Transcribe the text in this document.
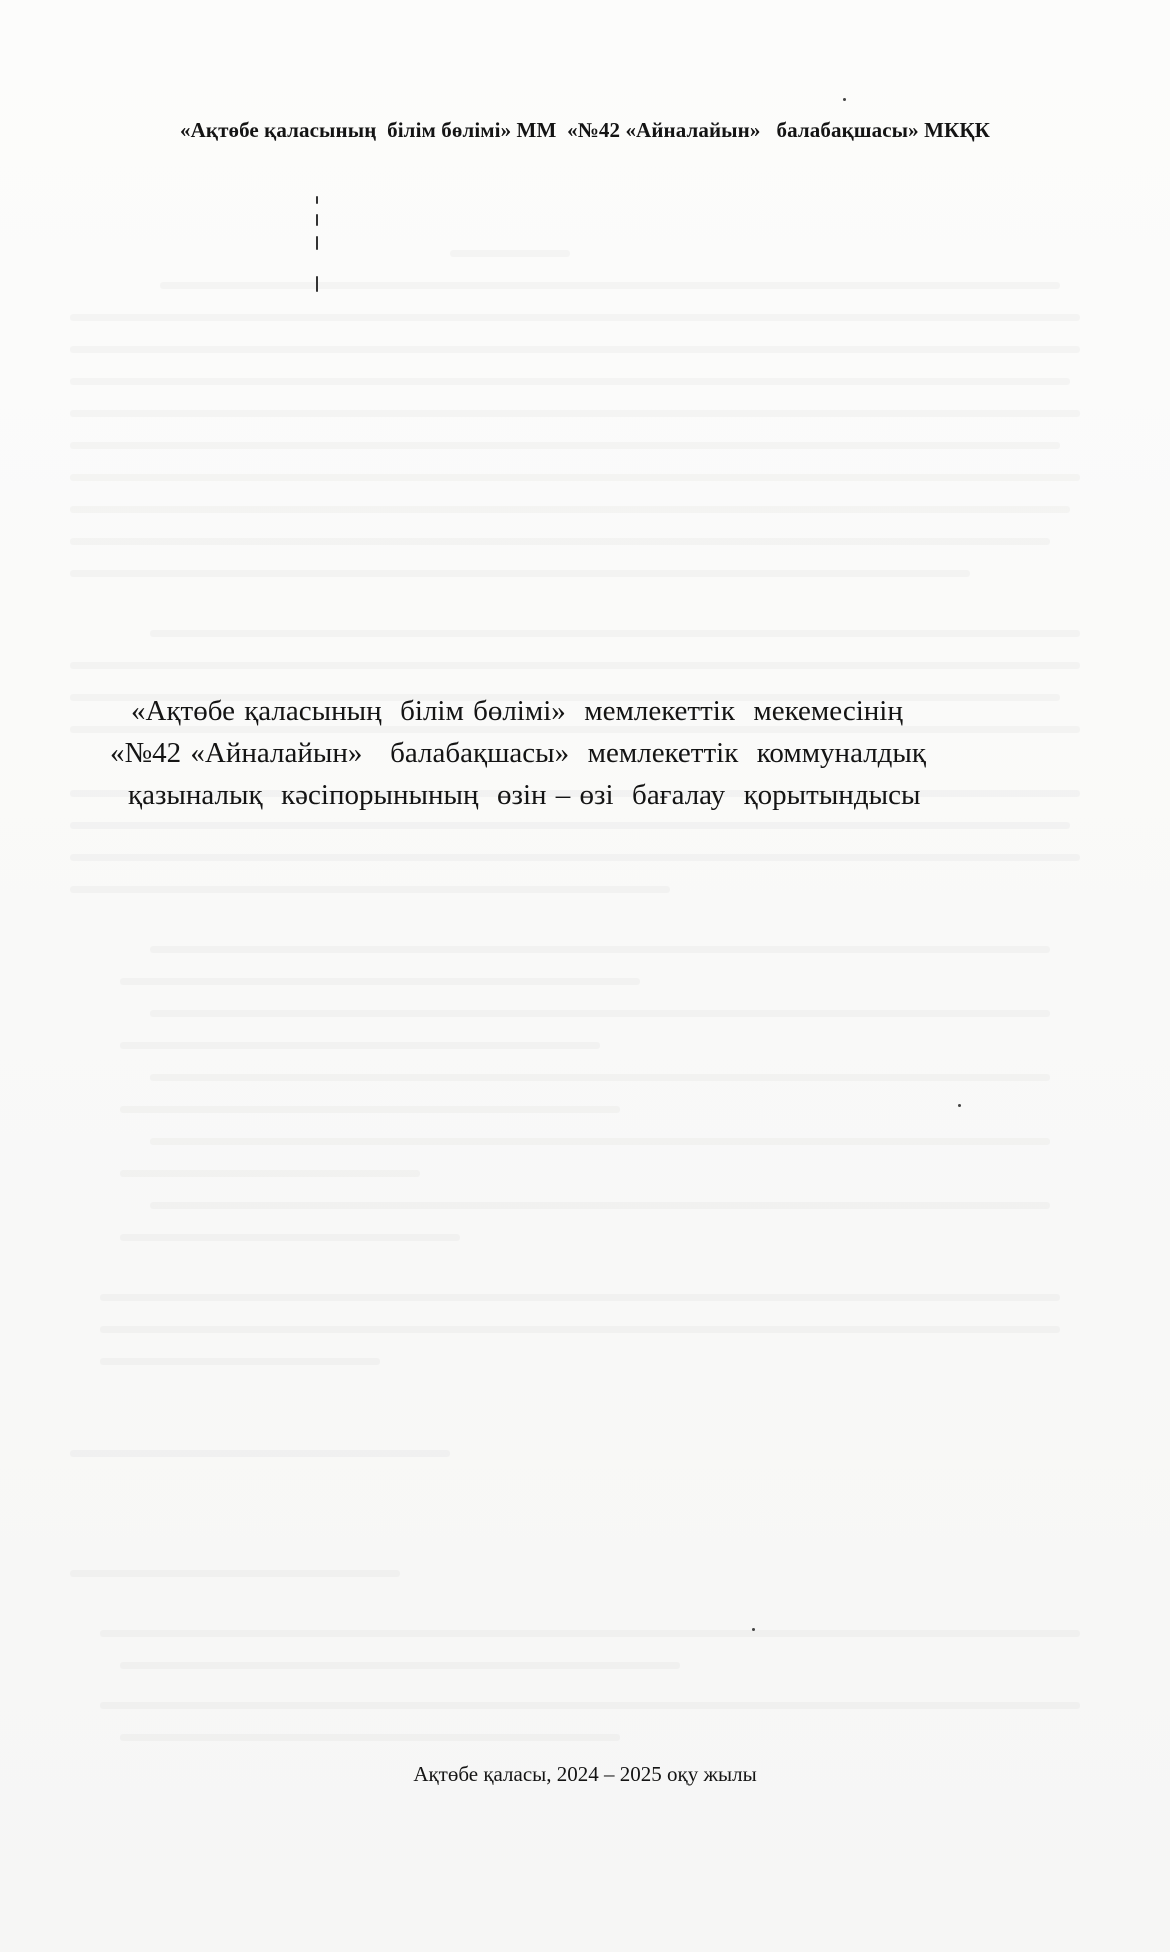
«Ақтөбе қаласының  білім бөлімі» ММ  «№42 «Айналайын»   балабақшасы» МКҚК
«Ақтөбе қаласының  білім бөлімі»  мемлекеттік  мекемесінің
«№42 «Айналайын»   балабақшасы»  мемлекеттік  коммуналдық
қазыналық  кәсіпорынының  өзін – өзі  бағалау  қорытындысы
Ақтөбе қаласы, 2024 – 2025 оқу жылы
